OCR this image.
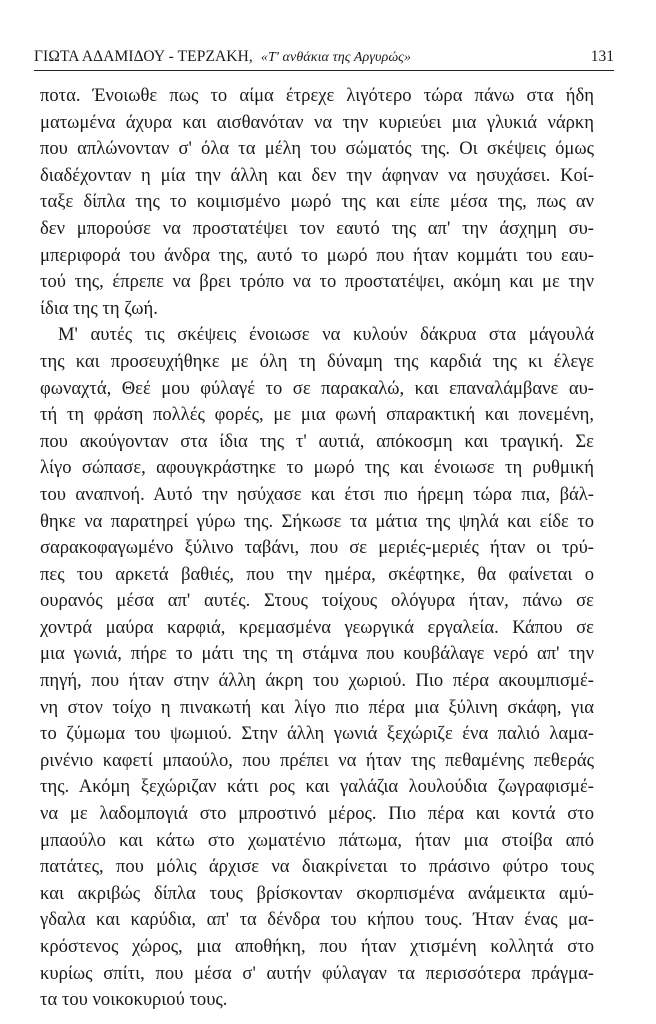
ΓΙΩΤΑ ΑΔΑΜΙΔΟΥ - ΤΕΡΖΑΚΗ, «Τ' ανθάκια της Αργυρώς»	131

ποτα. Ένοιωθε πως το αίμα έτρεχε λιγότερο τώρα πάνω στα ήδη
ματωμένα άχυρα και αισθανόταν να την κυριεύει μια γλυκιά νάρκη
που απλώνονταν σ' όλα τα μέλη του σώματός της. Οι σκέψεις όμως
διαδέχονταν η μία την άλλη και δεν την άφηναν να ησυχάσει. Κοί-
ταξε δίπλα της το κοιμισμένο μωρό της και είπε μέσα της, πως αν
δεν μπορούσε να προστατέψει τον εαυτό της απ' την άσχημη συ-
μπεριφορά του άνδρα της, αυτό το μωρό που ήταν κομμάτι του εαυ-
τού της, έπρεπε να βρει τρόπο να το προστατέψει, ακόμη και με την
ίδια της τη ζωή.

Μ' αυτές τις σκέψεις ένοιωσε να κυλούν δάκρυα στα μάγουλά
της και προσευχήθηκε με όλη τη δύναμη της καρδιά της κι έλεγε
φωναχτά, Θεέ μου φύλαγέ το σε παρακαλώ, και επαναλάμβανε αυ-
τή τη φράση πολλές φορές, με μια φωνή σπαρακτική και πονεμένη,
που ακούγονταν στα ίδια της τ' αυτιά, απόκοσμη και τραγική. Σε
λίγο σώπασε, αφουγκράστηκε το μωρό της και ένοιωσε τη ρυθμική
του αναπνοή. Αυτό την ησύχασε και έτσι πιο ήρεμη τώρα πια, βάλ-
θηκε να παρατηρεί γύρω της. Σήκωσε τα μάτια της ψηλά και είδε το
σαρακοφαγωμένο ξύλινο ταβάνι, που σε μεριές-μεριές ήταν οι τρύ-
πες του αρκετά βαθιές, που την ημέρα, σκέφτηκε, θα φαίνεται ο
ουρανός μέσα απ' αυτές. Στους τοίχους ολόγυρα ήταν, πάνω σε
χοντρά μαύρα καρφιά, κρεμασμένα γεωργικά εργαλεία. Κάπου σε
μια γωνιά, πήρε το μάτι της τη στάμνα που κουβάλαγε νερό απ' την
πηγή, που ήταν στην άλλη άκρη του χωριού. Πιο πέρα ακουμπισμέ-
νη στον τοίχο η πινακωτή και λίγο πιο πέρα μια ξύλινη σκάφη, για
το ζύμωμα του ψωμιού. Στην άλλη γωνιά ξεχώριζε ένα παλιό λαμα-
ρινένιο καφετί μπαούλο, που πρέπει να ήταν της πεθαμένης πεθεράς
της. Ακόμη ξεχώριζαν κάτι ρος και γαλάζια λουλούδια ζωγραφισμέ-
να με λαδομπογιά στο μπροστινό μέρος. Πιο πέρα και κοντά στο
μπαούλο και κάτω στο χωματένιο πάτωμα, ήταν μια στοίβα από
πατάτες, που μόλις άρχισε να διακρίνεται το πράσινο φύτρο τους
και ακριβώς δίπλα τους βρίσκονταν σκορπισμένα ανάμεικτα αμύ-
γδαλα και καρύδια, απ' τα δένδρα του κήπου τους. Ήταν ένας μα-
κρόστενος χώρος, μια αποθήκη, που ήταν χτισμένη κολλητά στο
κυρίως σπίτι, που μέσα σ' αυτήν φύλαγαν τα περισσότερα πράγμα-
τα του νοικοκυριού τους.
